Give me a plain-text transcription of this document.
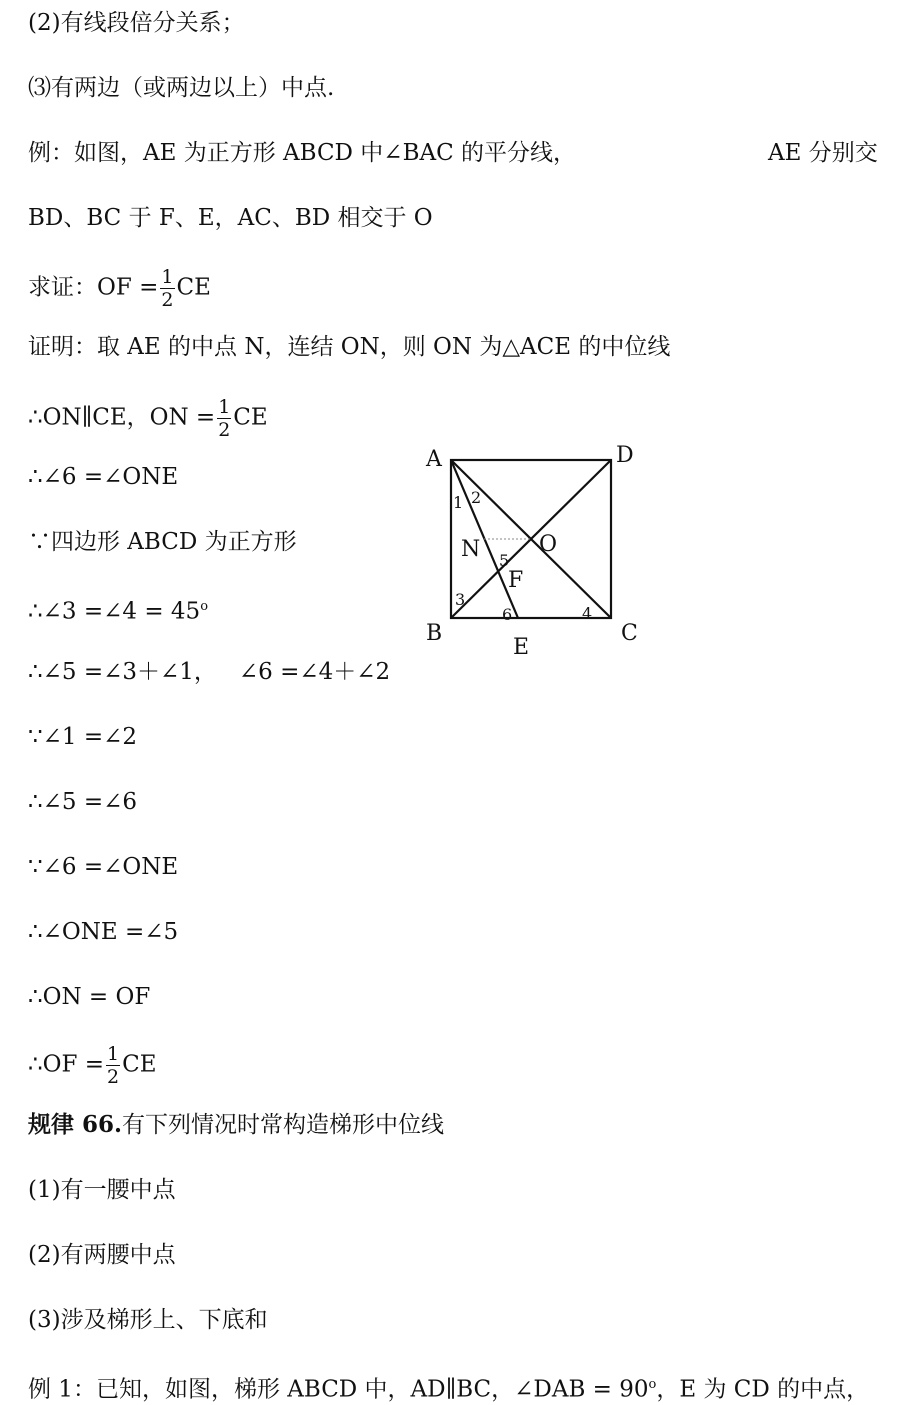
(2)有线段倍分关系；
⑶有两边（或两边以上）中点.
例：如图，AE 为正方形 ABCD 中∠BAC 的平分线，	AE 分别交
BD、BC 于 F、E，AC、BD 相交于 O
求证：OF = $\frac{1}{2}$ CE
证明：取 AE 的中点 N，连结 ON，则 ON 为△ACE 的中位线
∴ON∥CE，ON = $\frac{1}{2}$ CE
∴∠6 =∠ONE
∵四边形 ABCD 为正方形
∴∠3 =∠4 = $45^o$
∴∠5 =∠3＋∠1，   ∠6 =∠4＋∠2
∵∠1 =∠2
∴∠5 =∠6
∵∠6 =∠ONE
∴∠ONE =∠5
∴ON = OF
∴OF = $\frac{1}{2}$ CE
规律 66.有下列情况时常构造梯形中位线
(1)有一腰中点
(2)有两腰中点
(3)涉及梯形上、下底和
例 1：已知，如图，梯形 ABCD 中，AD∥BC，∠DAB = $90^o$，E 为 CD 的中点，
A	D
B	C
E
N	O
F
1 2
3
4
5
6
